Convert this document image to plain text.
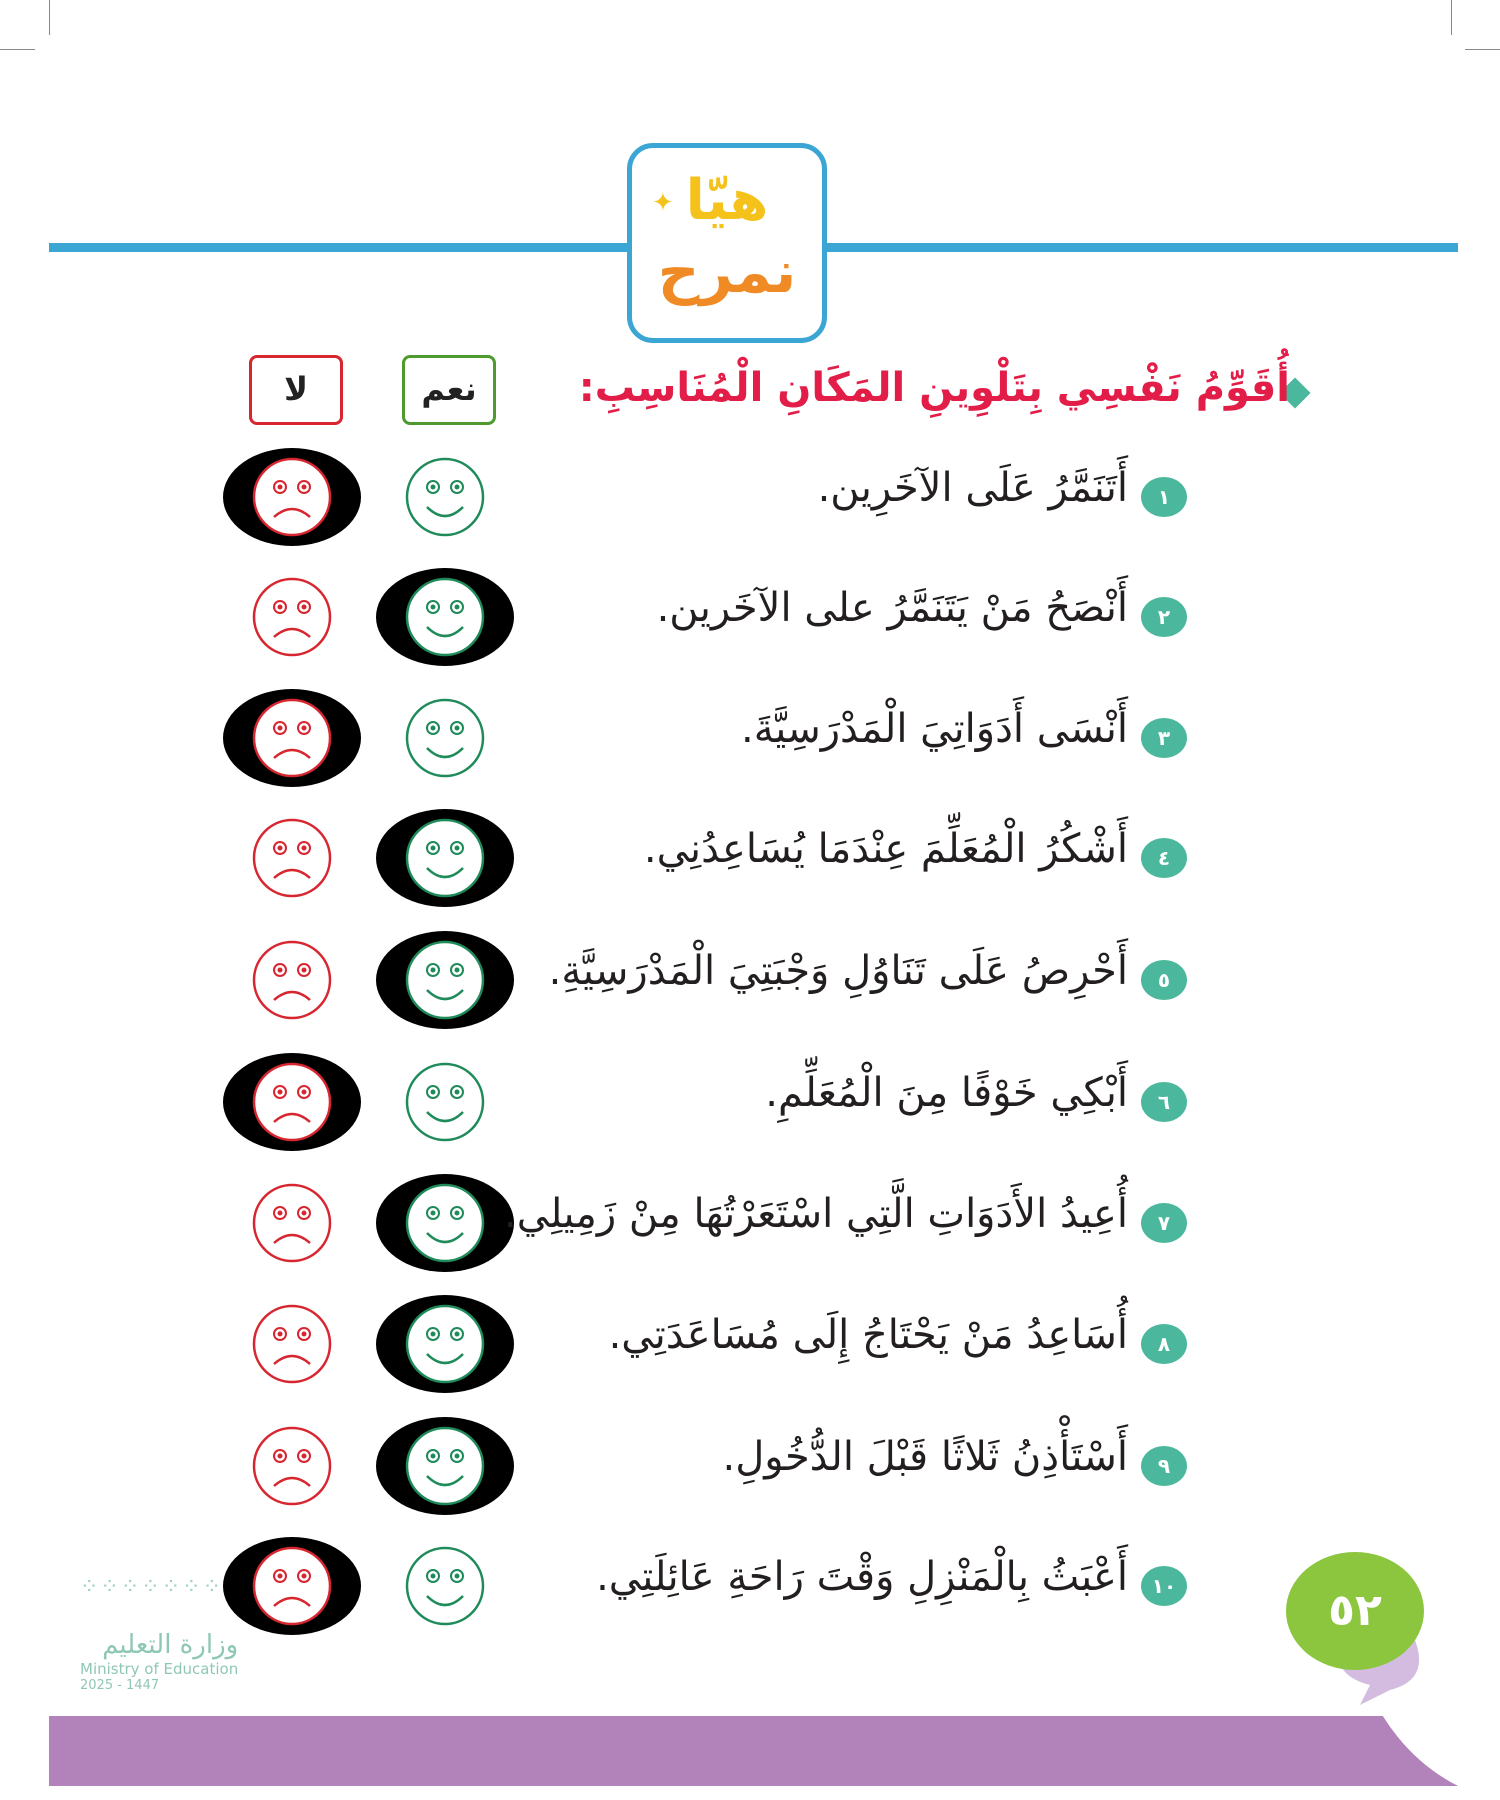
✦ هيّا
نمرح
أُقَوِّمُ نَفْسِي بِتَلْوِينِ المَكَانِ الْمُنَاسِبِ:
نعم
لا
١
أَتَنَمَّرُ عَلَى الآخَرِين.
٢
أَنْصَحُ مَنْ يَتَنَمَّرُ على الآخَرين.
٣
أَنْسَى أَدَوَاتِيَ الْمَدْرَسِيَّةَ.
٤
أَشْكُرُ الْمُعَلِّمَ عِنْدَمَا يُسَاعِدُنِي.
٥
أَحْرِصُ عَلَى تَنَاوُلِ وَجْبَتِيَ الْمَدْرَسِيَّةِ.
٦
أَبْكِي خَوْفًا مِنَ الْمُعَلِّمِ.
٧
أُعِيدُ الأَدَوَاتِ الَّتِي اسْتَعَرْتُهَا مِنْ زَمِيلِي.
٨
أُسَاعِدُ مَنْ يَحْتَاجُ إِلَى مُسَاعَدَتِي.
٩
أَسْتَأْذِنُ ثَلاثًا قَبْلَ الدُّخُولِ.
١٠
أَعْبَثُ بِالْمَنْزِلِ وَقْتَ رَاحَةِ عَائِلَتِي.
٥٢
⁘⁘⁘⁘⁘⁘⁘
وزارة التعليم
Ministry of Education
2025 - 1447
